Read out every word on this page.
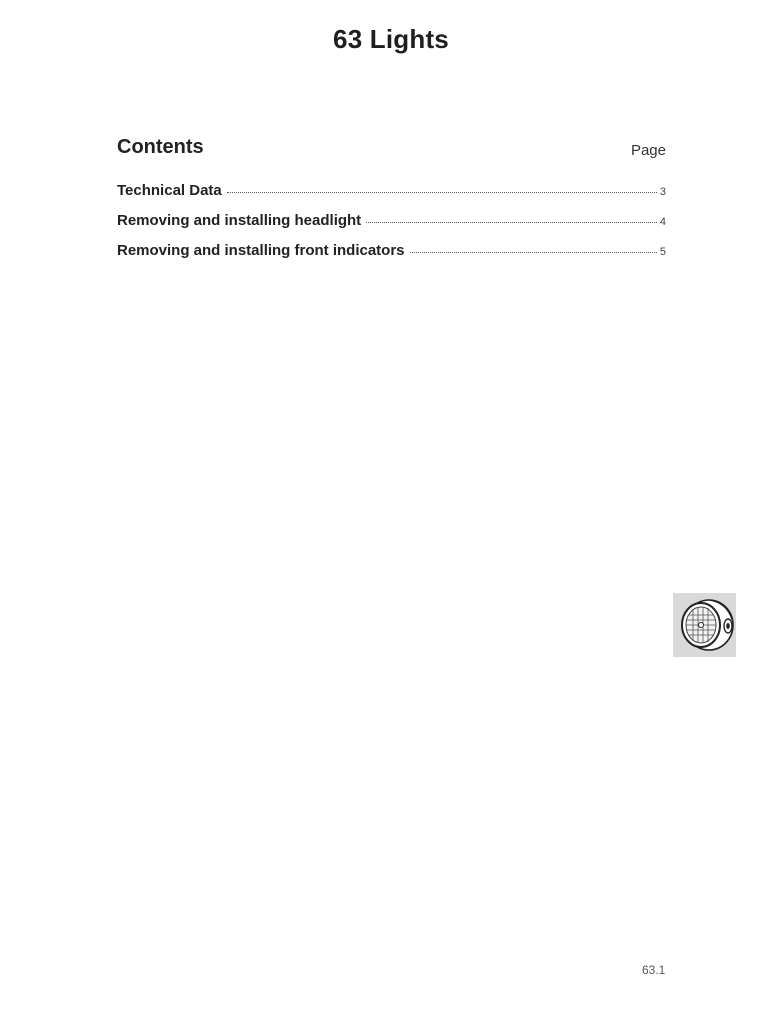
63 Lights
Contents	Page
Technical Data	3
Removing and installing headlight	4
Removing and installing front indicators	5
63.1
